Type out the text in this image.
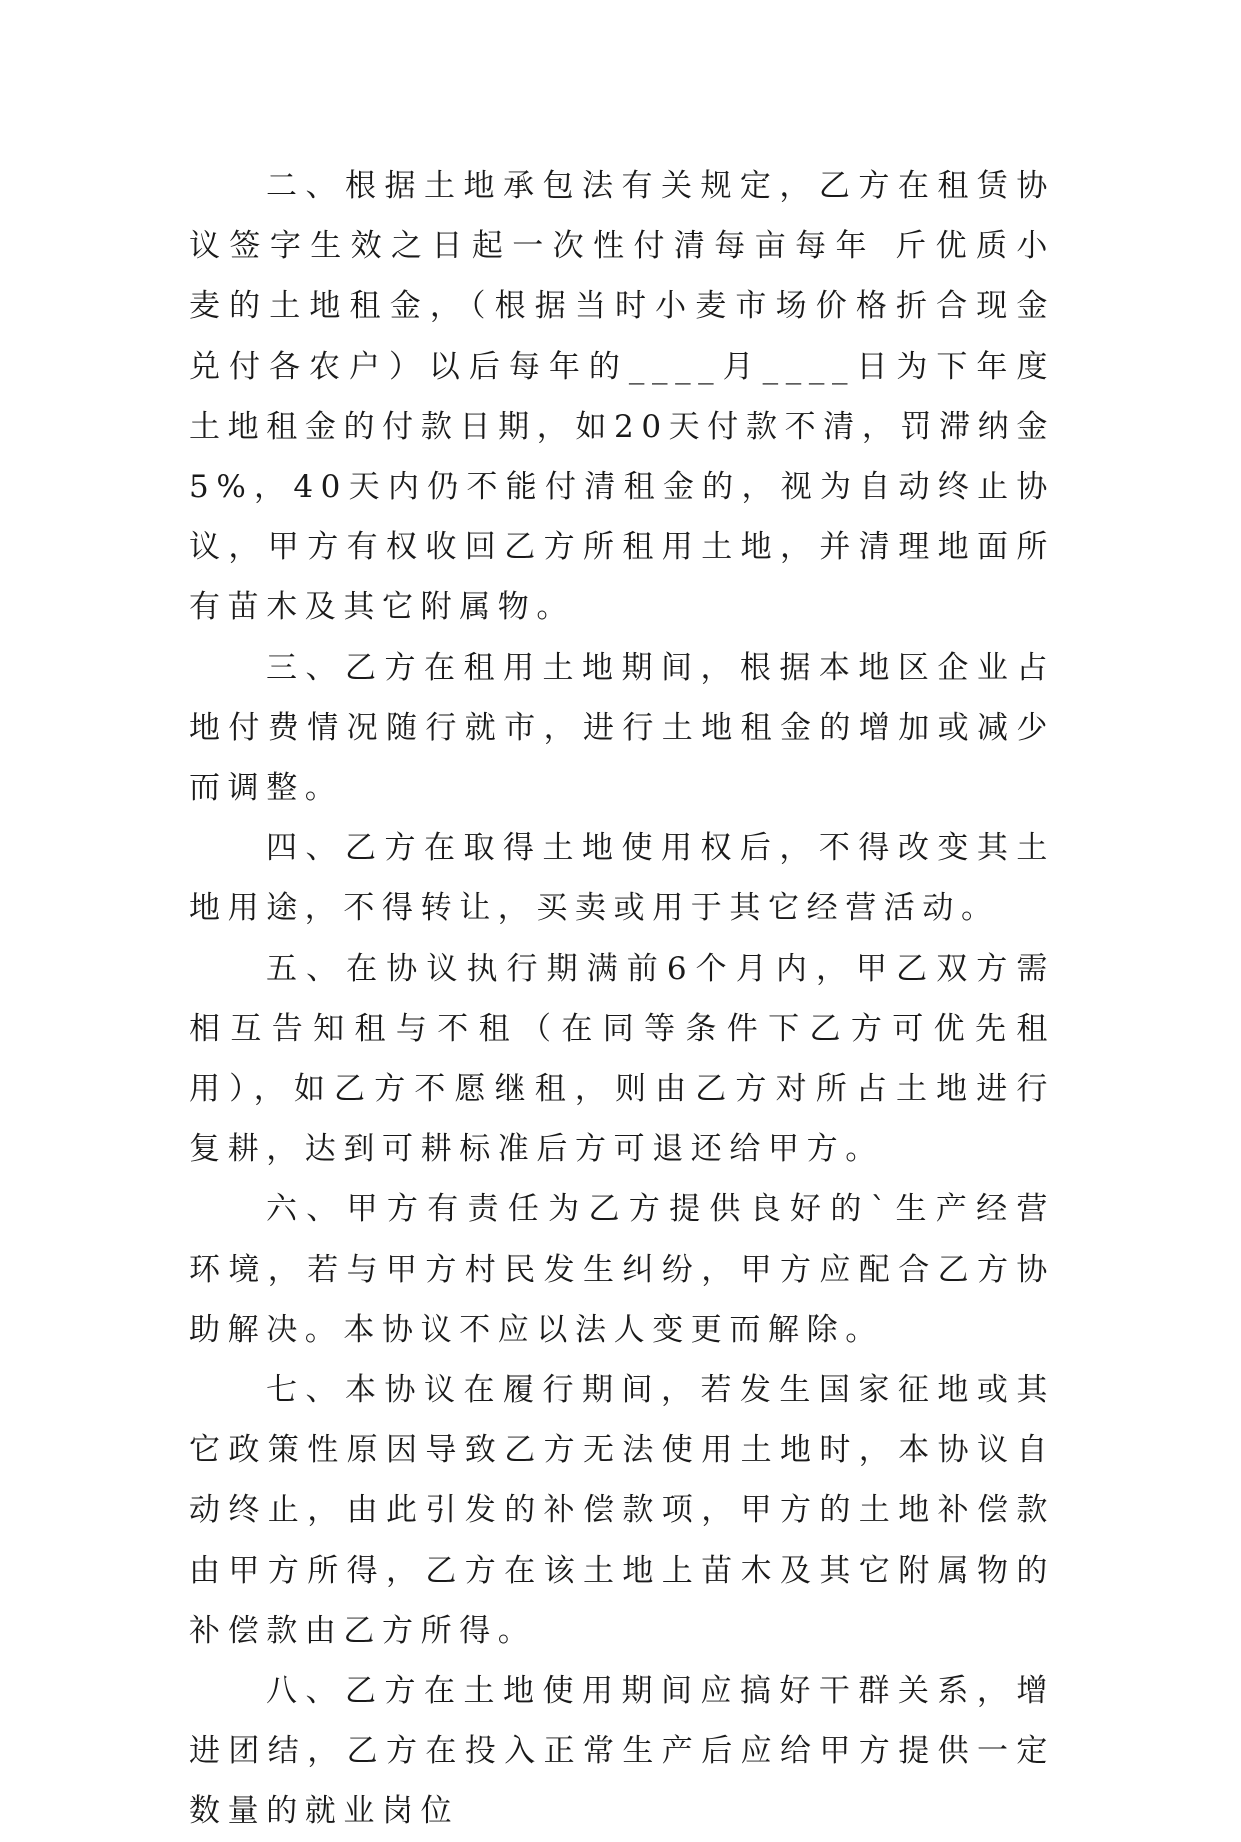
二、根据土地承包法有关规定，乙方在租赁协议签字生效之日起一次性付清每亩每年 斤优质小麦的土地租金，（根据当时小麦市场价格折合现金兑付各农户）以后每年的____月____日为下年度土地租金的付款日期，如20天付款不清，罚滞纳金5%，40天内仍不能付清租金的，视为自动终止协议，甲方有权收回乙方所租用土地，并清理地面所有苗木及其它附属物。

三、乙方在租用土地期间，根据本地区企业占地付费情况随行就市，进行土地租金的增加或减少而调整。

四、乙方在取得土地使用权后，不得改变其土地用途，不得转让，买卖或用于其它经营活动。

五、在协议执行期满前6个月内，甲乙双方需相互告知租与不租（在同等条件下乙方可优先租用），如乙方不愿继租，则由乙方对所占土地进行复耕，达到可耕标准后方可退还给甲方。

六、甲方有责任为乙方提供良好的`生产经营环境，若与甲方村民发生纠纷，甲方应配合乙方协助解决。本协议不应以法人变更而解除。

七、本协议在履行期间，若发生国家征地或其它政策性原因导致乙方无法使用土地时，本协议自动终止，由此引发的补偿款项，甲方的土地补偿款由甲方所得，乙方在该土地上苗木及其它附属物的补偿款由乙方所得。

八、乙方在土地使用期间应搞好干群关系，增进团结，乙方在投入正常生产后应给甲方提供一定数量的就业岗位
